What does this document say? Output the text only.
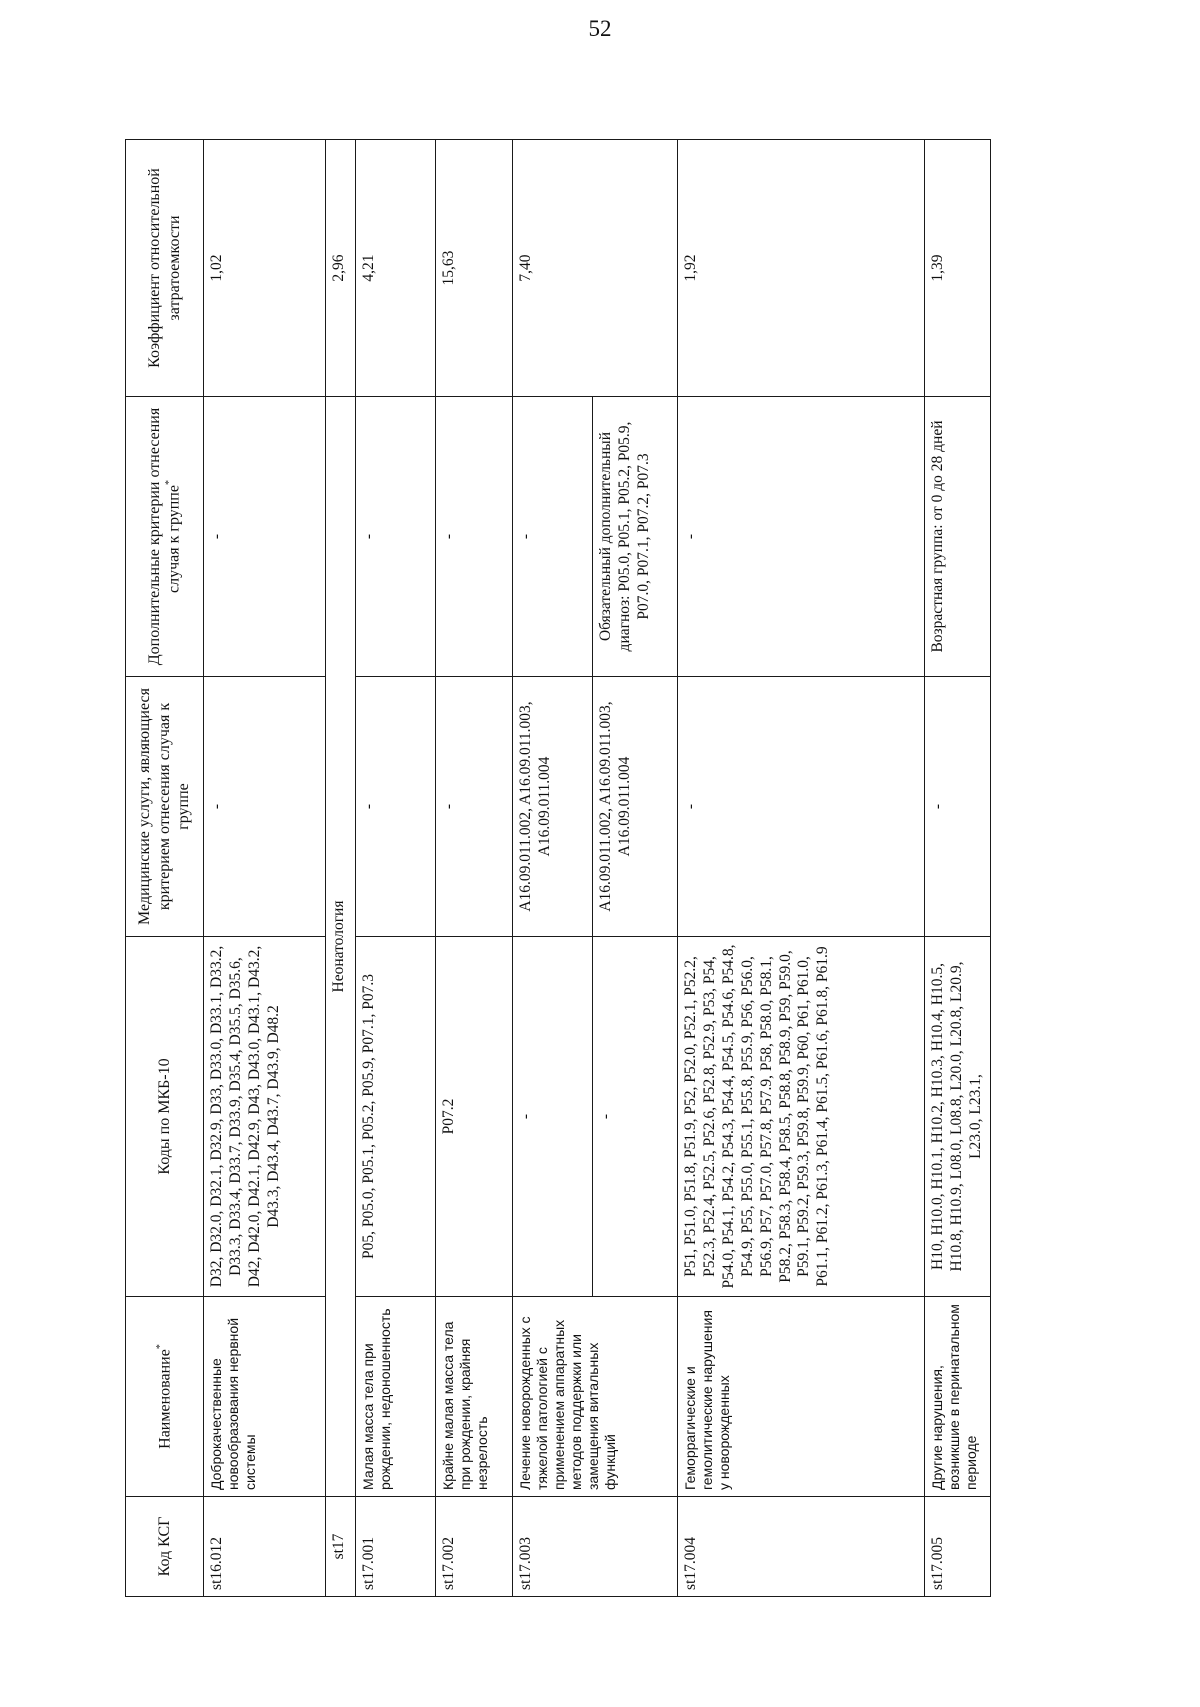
52
Код КСГ	Наименование*	Коды по МКБ-10	Медицинские услуги, являющиеся критерием отнесения случая к группе	Дополнительные критерии отнесения случая к группе*	Коэффициент относительной затратоемкости
st16.012	Доброкачественные новообразования нервной системы	D32, D32.0, D32.1, D32.9, D33, D33.0, D33.1, D33.2, D33.3, D33.4, D33.7, D33.9, D35.4, D35.5, D35.6, D42, D42.0, D42.1, D42.9, D43, D43.0, D43.1, D43.2, D43.3, D43.4, D43.7, D43.9, D48.2	-	-	1,02
st17	Неонатология				2,96
st17.001	Малая масса тела при рождении, недоношенность	P05, P05.0, P05.1, P05.2, P05.9, P07.1, P07.3	-	-	4,21
st17.002	Крайне малая масса тела при рождении, крайняя незрелость	P07.2	-	-	15,63
st17.003	Лечение новорожденных с тяжелой патологией с применением аппаратных методов поддержки или замещения витальных функций	-	A16.09.011.002, A16.09.011.003, A16.09.011.004	-	7,40
		-	A16.09.011.002, A16.09.011.003, A16.09.011.004	Обязательный дополнительный диагноз: P05.0, P05.1, P05.2, P05.9, P07.0, P07.1, P07.2, P07.3	
st17.004	Геморрагические и гемолитические нарушения у новорожденных	P51, P51.0, P51.8, P51.9, P52, P52.0, P52.1, P52.2, P52.3, P52.4, P52.5, P52.6, P52.8, P52.9, P53, P54, P54.0, P54.1, P54.2, P54.3, P54.4, P54.5, P54.6, P54.8, P54.9, P55, P55.0, P55.1, P55.8, P55.9, P56, P56.0, P56.9, P57, P57.0, P57.8, P57.9, P58, P58.0, P58.1, P58.2, P58.3, P58.4, P58.5, P58.8, P58.9, P59, P59.0, P59.1, P59.2, P59.3, P59.8, P59.9, P60, P61, P61.0, P61.1, P61.2, P61.3, P61.4, P61.5, P61.6, P61.8, P61.9	-	-	1,92
st17.005	Другие нарушения, возникшие в перинатальном периоде	H10, H10.0, H10.1, H10.2, H10.3, H10.4, H10.5, H10.8, H10.9, L08.0, L08.8, L20.0, L20.8, L20.9, L23.0, L23.1,	-	Возрастная группа: от 0 до 28 дней	1,39
